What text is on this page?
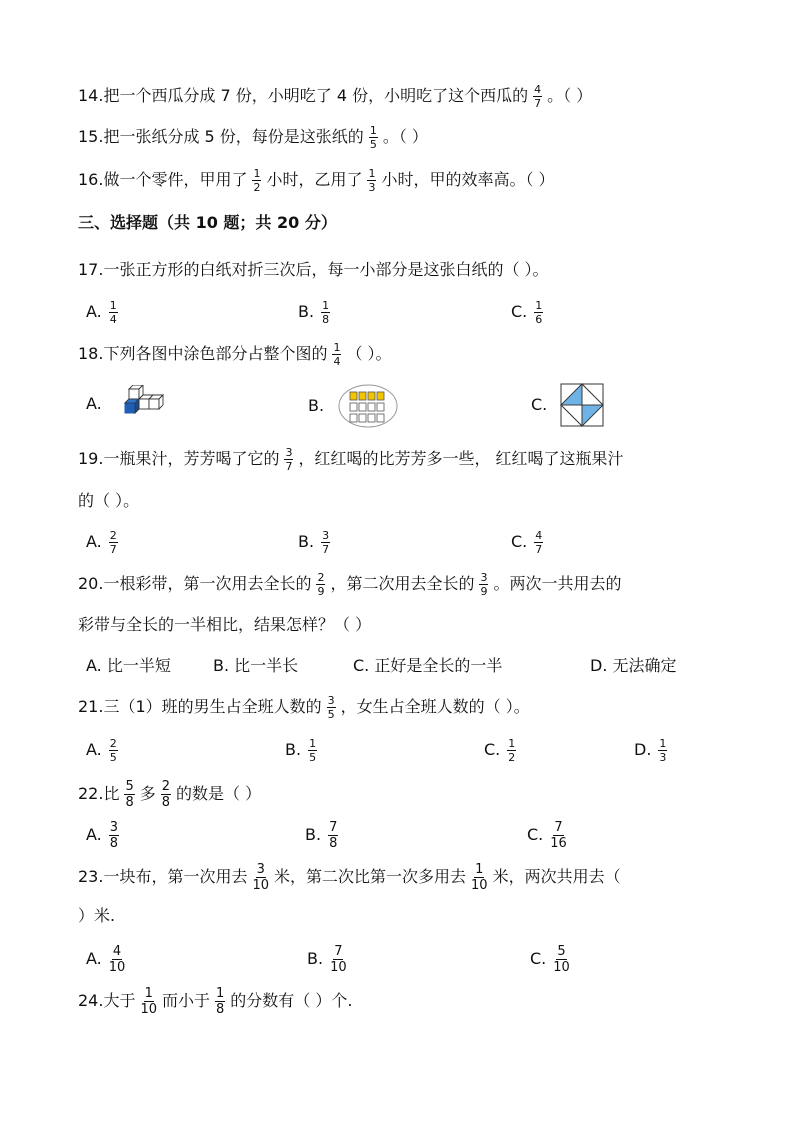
14.把一个西瓜分成 7 份，小明吃了 4 份，小明吃了这个西瓜的 $\frac{4}{7}$ 。（ ）
15.把一张纸分成 5 份，每份是这张纸的 $\frac{1}{5}$ 。（ ）
16.做一个零件，甲用了 $\frac{1}{2}$ 小时，乙用了 $\frac{1}{3}$ 小时，甲的效率高。（ ）
三、选择题（共 10 题；共 20 分）
17.一张正方形的白纸对折三次后，每一小部分是这张白纸的（ ）。
A. $\frac{1}{4}$	B. $\frac{1}{8}$	C. $\frac{1}{6}$
18.下列各图中涂色部分占整个图的 $\frac{1}{4}$ （ ）。
A.	B.	C.
19.一瓶果汁，芳芳喝了它的 $\frac{3}{7}$ ，红红喝的比芳芳多一些， 红红喝了这瓶果汁
的（ ）。
A. $\frac{2}{7}$	B. $\frac{3}{7}$	C. $\frac{4}{7}$
20.一根彩带，第一次用去全长的 $\frac{2}{9}$ ，第二次用去全长的 $\frac{3}{9}$ 。两次一共用去的
彩带与全长的一半相比，结果怎样？（ ）
A. 比一半短	B. 比一半长	C. 正好是全长的一半	D. 无法确定
21.三（1）班的男生占全班人数的 $\frac{3}{5}$ ，女生占全班人数的（ ）。
A. $\frac{2}{5}$	B. $\frac{1}{5}$	C. $\frac{1}{2}$	D. $\frac{1}{3}$
22.比 $\frac{5}{8}$ 多 $\frac{2}{8}$ 的数是（ ）
A. $\frac{3}{8}$	B. $\frac{7}{8}$	C. $\frac{7}{16}$
23.一块布，第一次用去 $\frac{3}{10}$ 米，第二次比第一次多用去 $\frac{1}{10}$ 米，两次共用去（
）米.
A. $\frac{4}{10}$	B. $\frac{7}{10}$	C. $\frac{5}{10}$
24.大于 $\frac{1}{10}$ 而小于 $\frac{1}{8}$ 的分数有（ ）个.
